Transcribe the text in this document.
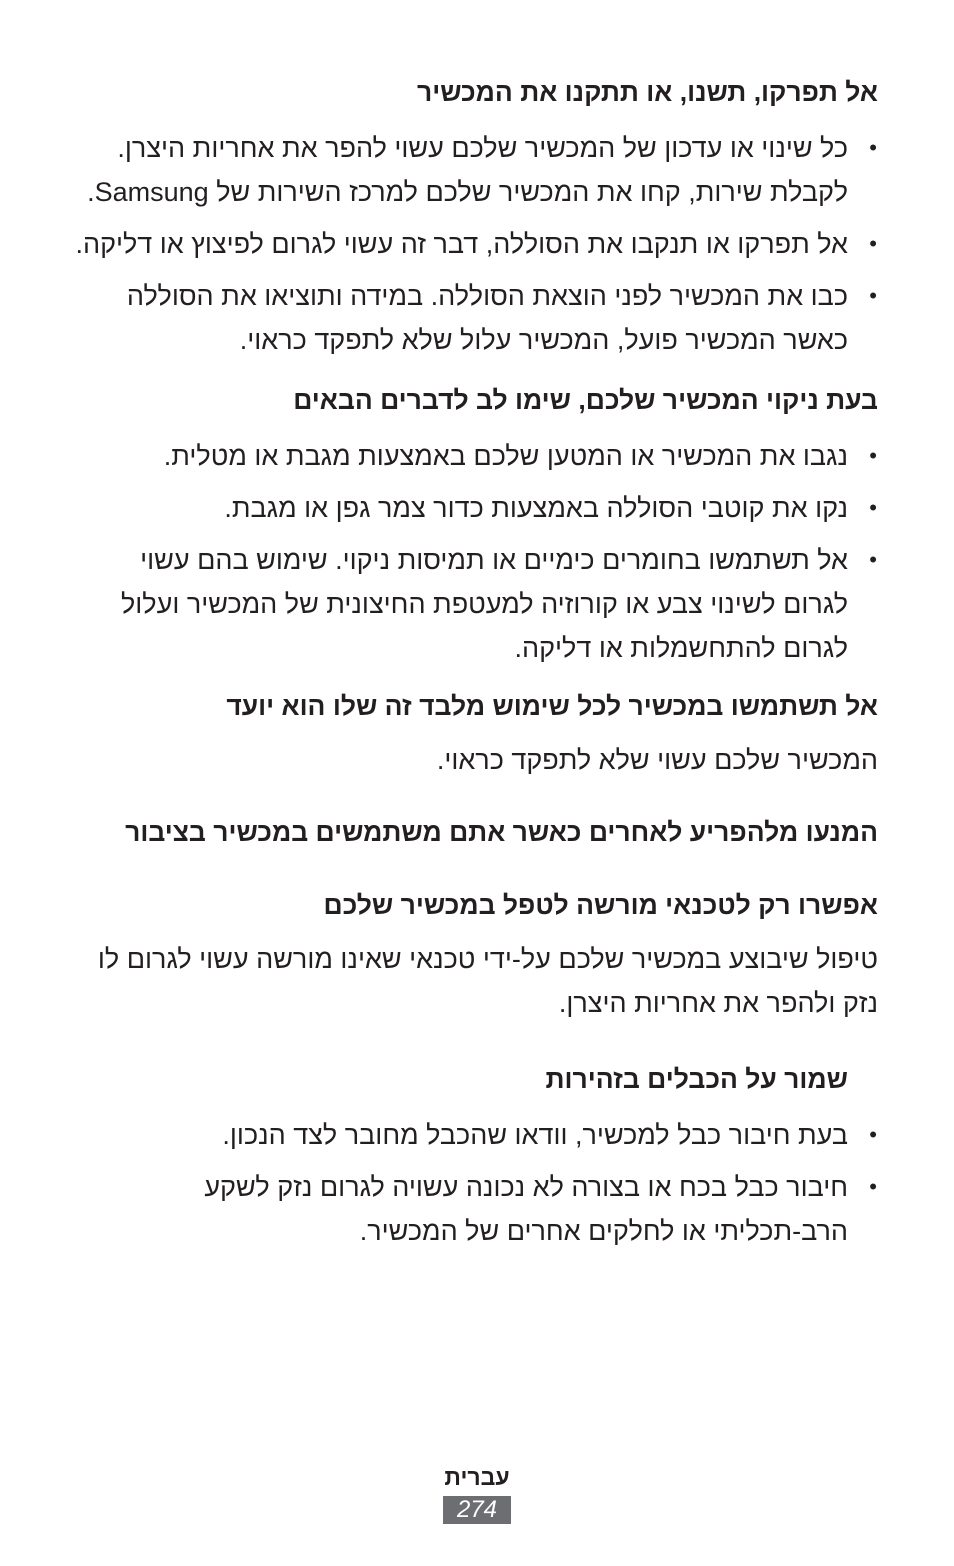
אל תפרקו, תשנו, או תתקנו את המכשיר
•
כל שינוי או עדכון של המכשיר שלכם עשוי להפר את אחריות היצרן. לקבלת שירות, קחו את המכשיר שלכם למרכז השירות של Samsung.
•
אל תפרקו או תנקבו את הסוללה, דבר זה עשוי לגרום לפיצוץ או דליקה.
•
כבו את המכשיר לפני הוצאת הסוללה. במידה ותוציאו את הסוללה כאשר המכשיר פועל, המכשיר עלול שלא לתפקד כראוי.
בעת ניקוי המכשיר שלכם, שימו לב לדברים הבאים
•
נגבו את המכשיר או המטען שלכם באמצעות מגבת או מטלית.
•
נקו את קוטבי הסוללה באמצעות כדור צמר גפן או מגבת.
•
אל תשתמשו בחומרים כימיים או תמיסות ניקוי. שימוש בהם עשוי לגרום לשינוי צבע או קורוזיה למעטפת החיצונית של המכשיר ועלול לגרום להתחשמלות או דליקה.
אל תשתמשו במכשיר לכל שימוש מלבד זה שלו הוא יועד

המכשיר שלכם עשוי שלא לתפקד כראוי.

המנעו מלהפריע לאחרים כאשר אתם משתמשים במכשיר בציבור
אפשרו רק לטכנאי מורשה לטפל במכשיר שלכם

טיפול שיבוצע במכשיר שלכם על-ידי טכנאי שאינו מורשה עשוי לגרום לו נזק ולהפר את אחריות היצרן.

שמור על הכבלים בזהירות
•
בעת חיבור כבל למכשיר, וודאו שהכבל מחובר לצד הנכון.
•
חיבור כבל בכח או בצורה לא נכונה עשויה לגרום נזק לשקע הרב-תכליתי או לחלקים אחרים של המכשיר.
עברית
274
